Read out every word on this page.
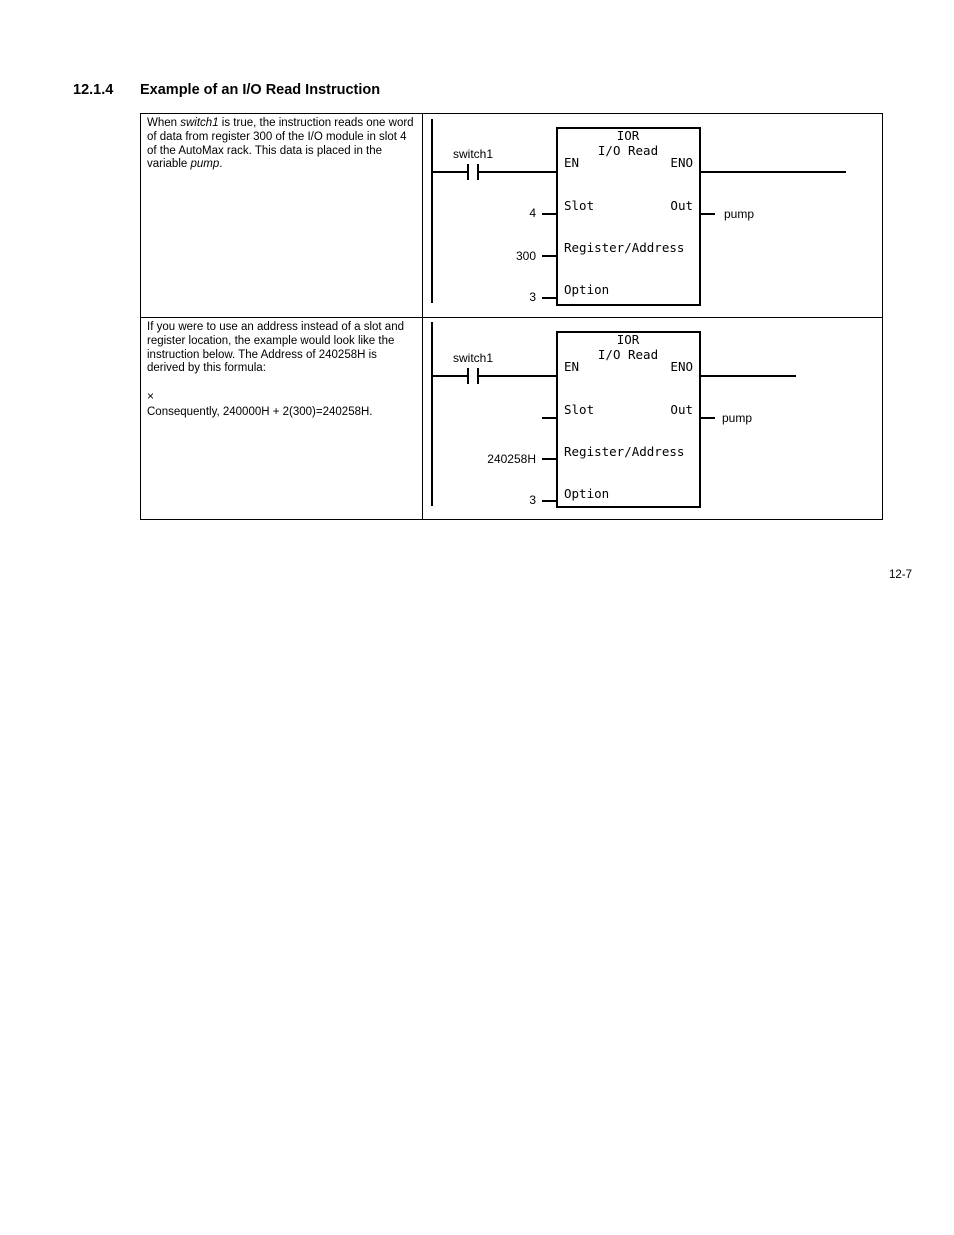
12.1.4 Example of an I/O Read Instruction

When switch1 is true, the instruction reads one word of data from register 300 of the I/O module in slot 4 of the AutoMax rack. This data is placed in the variable pump.

switch1
IOR
I/O Read
EN	ENO
Slot	Out
Register/Address
Option
4
300
3
pump

If you were to use an address instead of a slot and register location, the example would look like the instruction below. The Address of 240258H is derived by this formula:

×

Consequently, 240000H + 2(300)=240258H.

switch1
IOR
I/O Read
EN	ENO
Slot	Out
Register/Address
Option
240258H
3
pump
12-7
